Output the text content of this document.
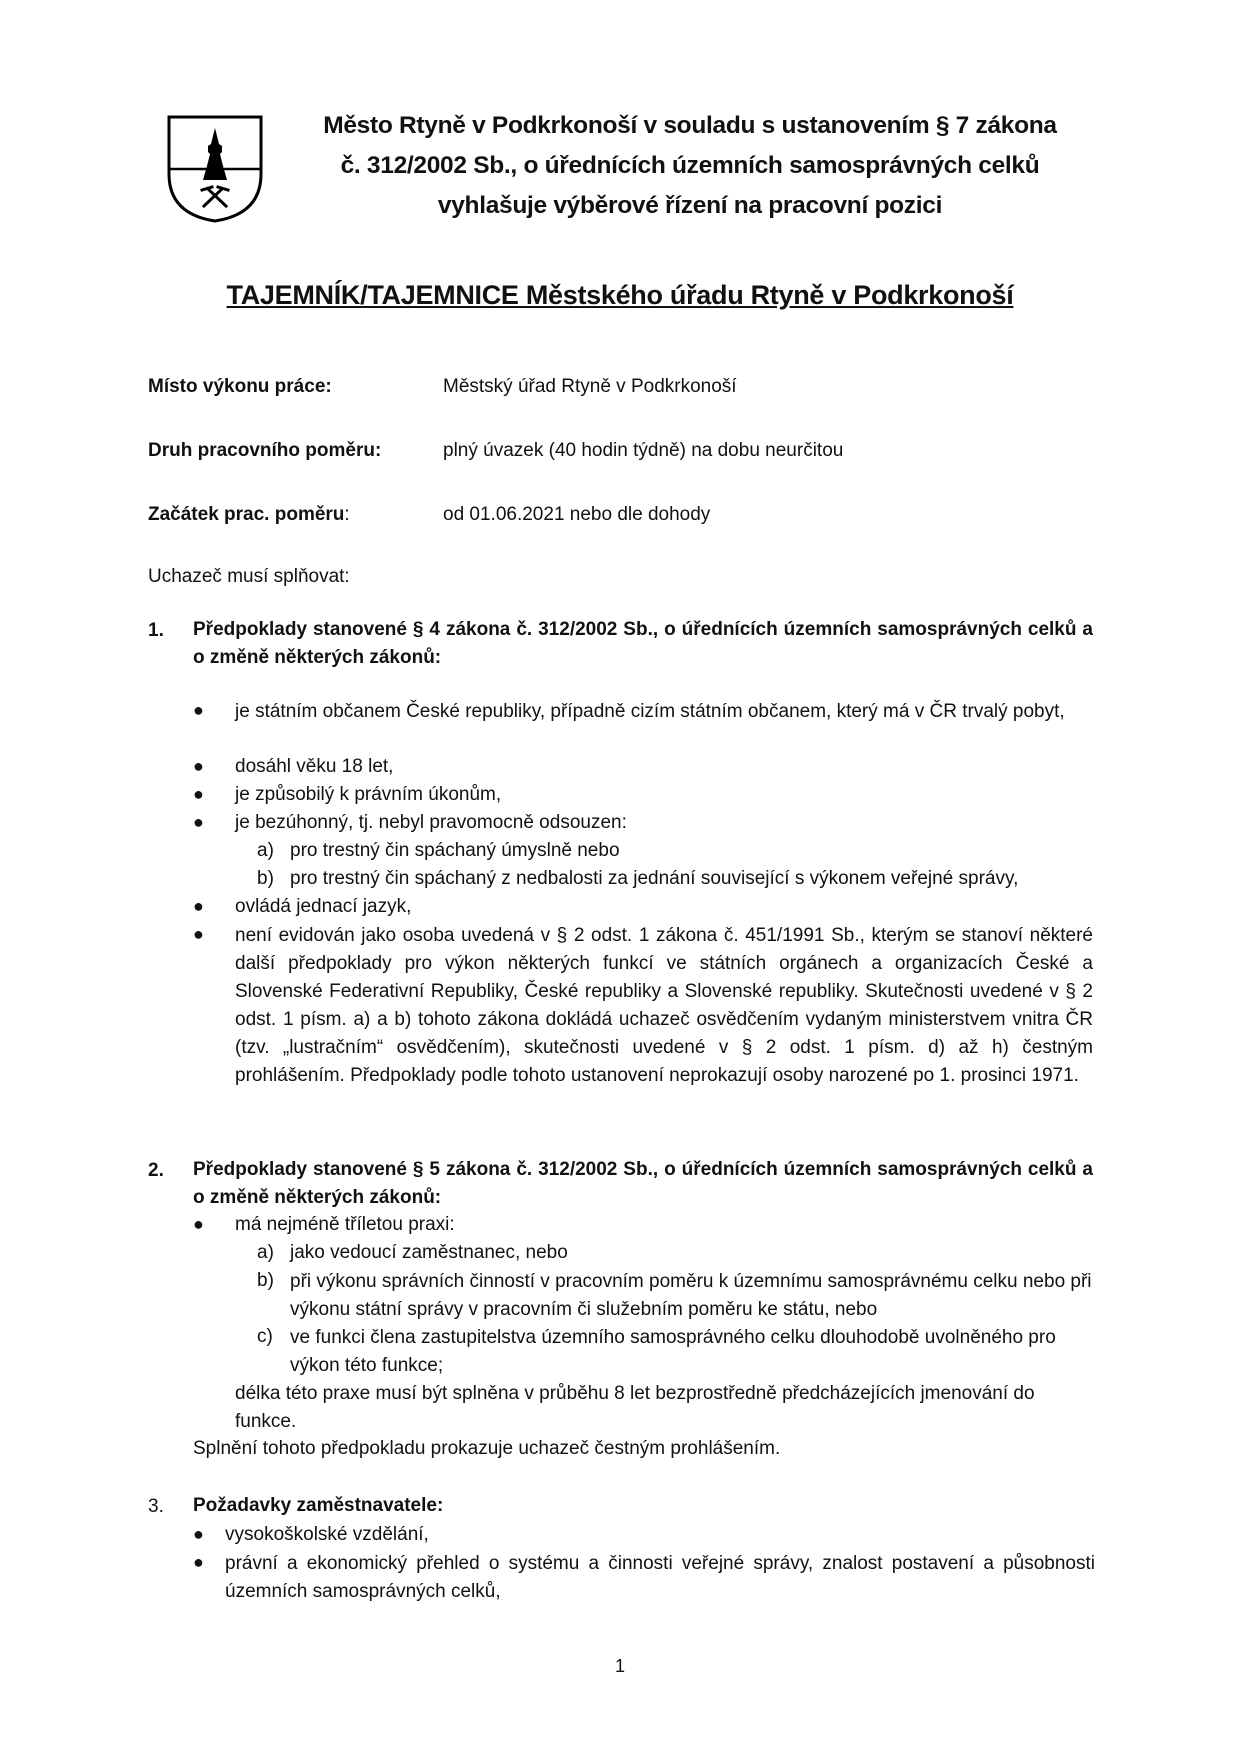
Město Rtyně v Podkrkonoší v souladu s ustanovením § 7 zákona
č. 312/2002 Sb., o úřednících územních samosprávných celků
vyhlašuje výběrové řízení na pracovní pozici
TAJEMNÍK/TAJEMNICE Městského úřadu Rtyně v Podkrkonoší
Místo výkonu práce:	Městský úřad Rtyně v Podkrkonoší
Druh pracovního poměru:	plný úvazek (40 hodin týdně) na dobu neurčitou
Začátek prac. poměru:	od 01.06.2021 nebo dle dohody
Uchazeč musí splňovat:
1. Předpoklady stanovené § 4 zákona č. 312/2002 Sb., o úřednících územních samosprávných celků a o změně některých zákonů:
● je státním občanem České republiky, případně cizím státním občanem, který má v ČR trvalý pobyt,
● dosáhl věku 18 let,
● je způsobilý k právním úkonům,
● je bezúhonný, tj. nebyl pravomocně odsouzen:
a) pro trestný čin spáchaný úmyslně nebo
b) pro trestný čin spáchaný z nedbalosti za jednání související s výkonem veřejné správy,
● ovládá jednací jazyk,
● není evidován jako osoba uvedená v § 2 odst. 1 zákona č. 451/1991 Sb., kterým se stanoví některé další předpoklady pro výkon některých funkcí ve státních orgánech a organizacích České a Slovenské Federativní Republiky, České republiky a Slovenské republiky. Skutečnosti uvedené v § 2 odst. 1 písm. a) a b) tohoto zákona dokládá uchazeč osvědčením vydaným ministerstvem vnitra ČR (tzv. „lustračním“ osvědčením), skutečnosti uvedené v § 2 odst. 1 písm. d) až h) čestným prohlášením. Předpoklady podle tohoto ustanovení neprokazují osoby narozené po 1. prosinci 1971.
2. Předpoklady stanovené § 5 zákona č. 312/2002 Sb., o úřednících územních samosprávných celků a o změně některých zákonů:
● má nejméně tříletou praxi:
a) jako vedoucí zaměstnanec, nebo
b) při výkonu správních činností v pracovním poměru k územnímu samosprávnému celku nebo při výkonu státní správy v pracovním či služebním poměru ke státu, nebo
c) ve funkci člena zastupitelstva územního samosprávného celku dlouhodobě uvolněného pro výkon této funkce;
délka této praxe musí být splněna v průběhu 8 let bezprostředně předcházejících jmenování do funkce.
Splnění tohoto předpokladu prokazuje uchazeč čestným prohlášením.
3. Požadavky zaměstnavatele:
● vysokoškolské vzdělání,
● právní a ekonomický přehled o systému a činnosti veřejné správy, znalost postavení a působnosti územních samosprávných celků,
1
